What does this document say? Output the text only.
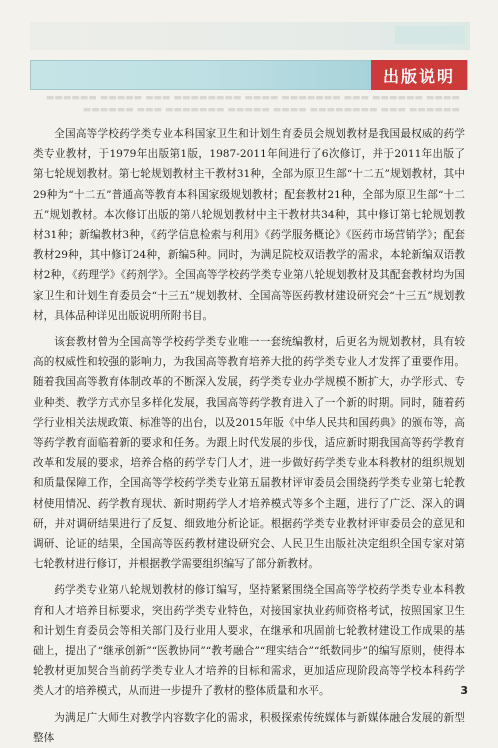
出版说明
▬▬▬▬ ▬▬▬▬▬▬ ▬▬▬ ▬▬▬▬▬▬▬ ▬▬▬▬ ▬▬▬▬▬▬▬▬ ▬▬▬ ▬▬▬▬▬ ▬▬▬▬▬▬
▬▬▬▬▬▬ ▬▬▬ ▬▬▬▬▬▬▬▬ ▬▬▬▬ ▬▬▬▬▬ ▬▬▬▬▬▬▬ ▬▬▬ ▬▬▬▬▬▬

全国高等学校药学类专业本科国家卫生和计划生育委员会规划教材是我国最权威的药学类专业教材，于1979年出版第1版，1987-2011年间进行了6次修订，并于2011年出版了第七轮规划教材。第七轮规划教材主干教材31种，全部为原卫生部“十二五”规划教材，其中29种为“十二五”普通高等教育本科国家级规划教材；配套教材21种，全部为原卫生部“十二五”规划教材。本次修订出版的第八轮规划教材中主干教材共34种，其中修订第七轮规划教材31种；新编教材3种，《药学信息检索与利用》《药学服务概论》《医药市场营销学》；配套教材29种，其中修订24种，新编5种。同时，为满足院校双语教学的需求，本轮新编双语教材2种，《药理学》《药剂学》。全国高等学校药学类专业第八轮规划教材及其配套教材均为国家卫生和计划生育委员会“十三五”规划教材、全国高等医药教材建设研究会“十三五”规划教材，具体品种详见出版说明所附书目。

该套教材曾为全国高等学校药学类专业唯一一套统编教材，后更名为规划教材，具有较高的权威性和较强的影响力，为我国高等教育培养大批的药学类专业人才发挥了重要作用。随着我国高等教育体制改革的不断深入发展，药学类专业办学规模不断扩大，办学形式、专业种类、教学方式亦呈多样化发展，我国高等药学教育进入了一个新的时期。同时，随着药学行业相关法规政策、标准等的出台，以及2015年版《中华人民共和国药典》的颁布等，高等药学教育面临着新的要求和任务。为跟上时代发展的步伐，适应新时期我国高等药学教育改革和发展的要求，培养合格的药学专门人才，进一步做好药学类专业本科教材的组织规划和质量保障工作，全国高等学校药学类专业第五届教材评审委员会围绕药学类专业第七轮教材使用情况、药学教育现状、新时期药学人才培养模式等多个主题，进行了广泛、深入的调研，并对调研结果进行了反复、细致地分析论证。根据药学类专业教材评审委员会的意见和调研、论证的结果，全国高等医药教材建设研究会、人民卫生出版社决定组织全国专家对第七轮教材进行修订，并根据教学需要组织编写了部分新教材。

药学类专业第八轮规划教材的修订编写，坚持紧紧围绕全国高等学校药学类专业本科教育和人才培养目标要求，突出药学类专业特色，对接国家执业药师资格考试，按照国家卫生和计划生育委员会等相关部门及行业用人要求，在继承和巩固前七轮教材建设工作成果的基础上，提出了“继承创新”“医教协同”“教考融合”“理实结合”“纸数同步”的编写原则，使得本轮教材更加契合当前药学类专业人才培养的目标和需求，更加适应现阶段高等学校本科药学类人才的培养模式，从而进一步提升了教材的整体质量和水平。

为满足广大师生对教学内容数字化的需求，积极探索传统媒体与新媒体融合发展的新型整体

3
